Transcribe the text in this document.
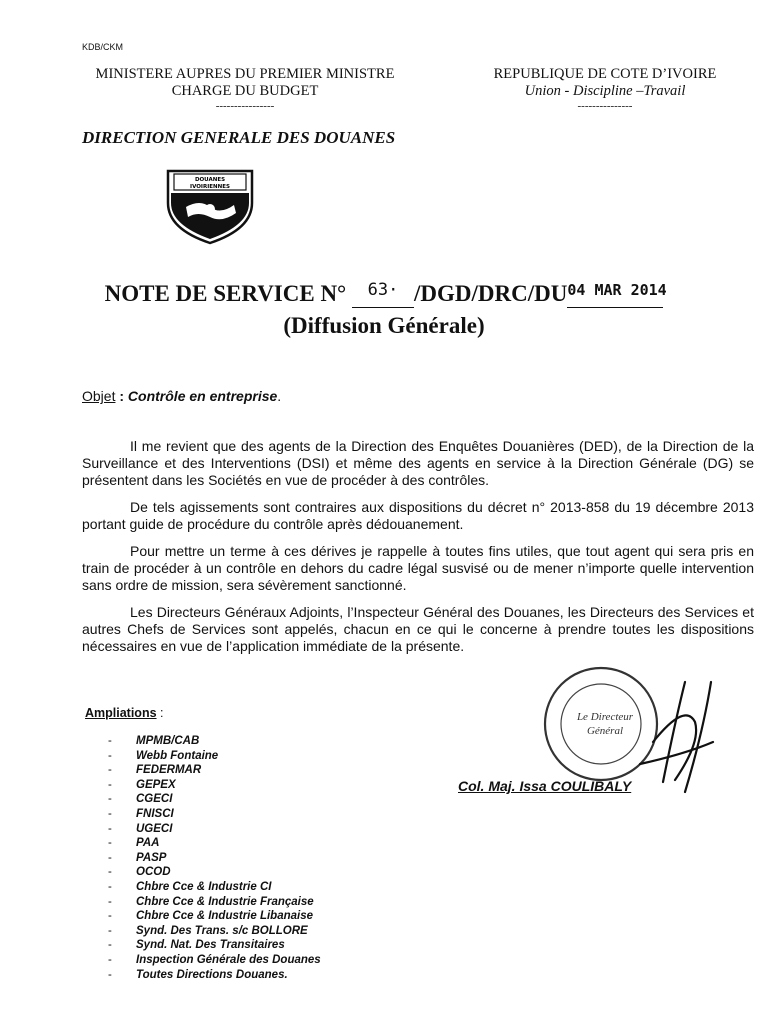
KDB/CKM
MINISTERE AUPRES DU PREMIER MINISTRE
CHARGE DU BUDGET
----------------
REPUBLIQUE DE COTE D’IVOIRE
Union - Discipline –Travail
---------------
DIRECTION GENERALE DES DOUANES
DOUANES
IVOIRIENNES
NOTE DE SERVICE N° $^{63\cdot}$ $/DGD/DRC/DU^{04 MAR 2014}$
(Diffusion Générale)
Objet : Contrôle en entreprise.

Il me revient que des agents de la Direction des Enquêtes Douanières (DED), de la Direction de la Surveillance et des Interventions (DSI) et même des agents en service à la Direction Générale (DG) se présentent dans les Sociétés en vue de procéder à des contrôles.

De tels agissements sont contraires aux dispositions du décret n° 2013-858 du 19 décembre 2013 portant guide de procédure du contrôle après dédouanement.

Pour mettre un terme à ces dérives je rappelle à toutes fins utiles, que tout agent qui sera pris en train de procéder à un contrôle en dehors du cadre légal susvisé ou de mener n’importe quelle intervention sans ordre de mission, sera sévèrement sanctionné.

Les Directeurs Généraux Adjoints, l’Inspecteur Général des Douanes, les Directeurs des Services et autres Chefs de Services sont appelés, chacun en ce qui le concerne à prendre toutes les dispositions nécessaires en vue de l’application immédiate de la présente.

Ampliations :
- MPMB/CAB
- Webb Fontaine
- FEDERMAR
- GEPEX
- CGECI
- FNISCI
- UGECI
- PAA
- PASP
- OCOD
- Chbre Cce & Industrie CI
- Chbre Cce & Industrie Française
- Chbre Cce & Industrie Libanaise
- Synd. Des Trans. s/c BOLLORE
- Synd. Nat. Des Transitaires
- Inspection Générale des Douanes
- Toutes Directions Douanes.
Le Directeur
Général
Col. Maj. Issa COULIBALY
